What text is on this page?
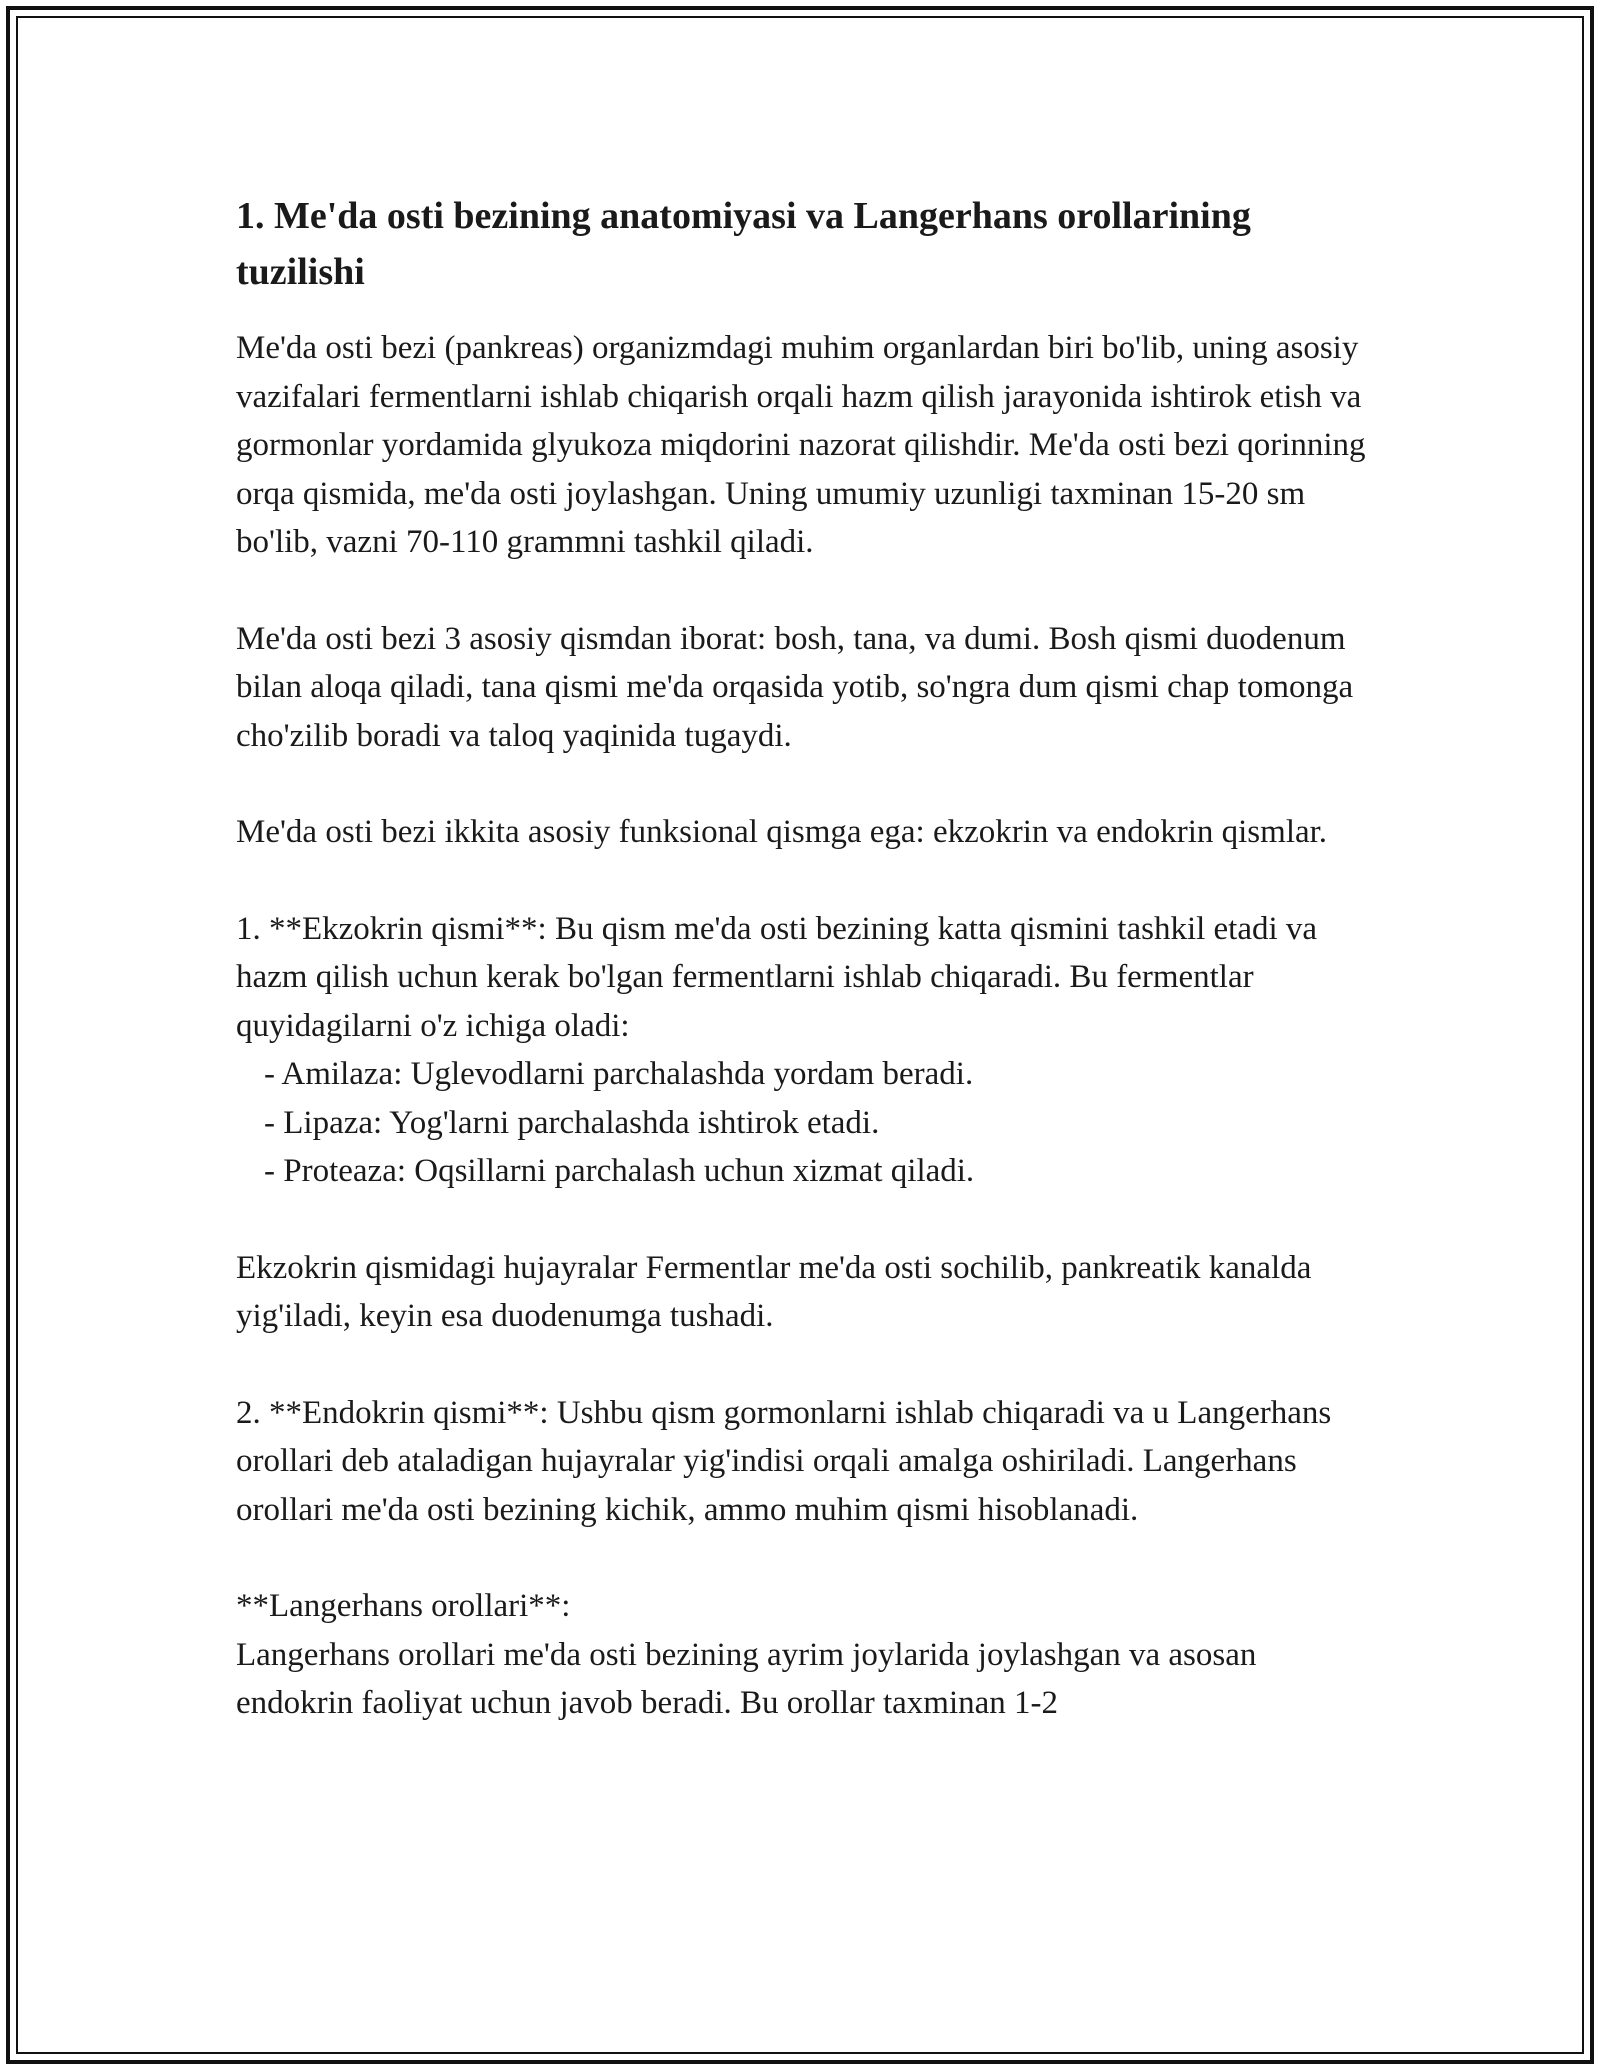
1. Me'da osti bezining anatomiyasi va Langerhans orollarining tuzilishi

Me'da osti bezi (pankreas) organizmdagi muhim organlardan biri bo'lib, uning asosiy vazifalari fermentlarni ishlab chiqarish orqali hazm qilish jarayonida ishtirok etish va gormonlar yordamida glyukoza miqdorini nazorat qilishdir. Me'da osti bezi qorinning orqa qismida, me'da osti joylashgan. Uning umumiy uzunligi taxminan 15-20 sm bo'lib, vazni 70-110 grammni tashkil qiladi.

Me'da osti bezi 3 asosiy qismdan iborat: bosh, tana, va dumi. Bosh qismi duodenum bilan aloqa qiladi, tana qismi me'da orqasida yotib, so'ngra dum qismi chap tomonga cho'zilib boradi va taloq yaqinida tugaydi.

Me'da osti bezi ikkita asosiy funksional qismga ega: ekzokrin va endokrin qismlar.

1. **Ekzokrin qismi**: Bu qism me'da osti bezining katta qismini tashkil etadi va hazm qilish uchun kerak bo'lgan fermentlarni ishlab chiqaradi. Bu fermentlar quyidagilarni o'z ichiga oladi:
- Amilaza: Uglevodlarni parchalashda yordam beradi.
- Lipaza: Yog'larni parchalashda ishtirok etadi.
- Proteaza: Oqsillarni parchalash uchun xizmat qiladi.

Ekzokrin qismidagi hujayralar Fermentlar me'da osti sochilib, pankreatik kanalda yig'iladi, keyin esa duodenumga tushadi.

2. **Endokrin qismi**: Ushbu qism gormonlarni ishlab chiqaradi va u Langerhans orollari deb ataladigan hujayralar yig'indisi orqali amalga oshiriladi. Langerhans orollari me'da osti bezining kichik, ammo muhim qismi hisoblanadi.

**Langerhans orollari**:

Langerhans orollari me'da osti bezining ayrim joylarida joylashgan va asosan endokrin faoliyat uchun javob beradi. Bu orollar taxminan 1-2
